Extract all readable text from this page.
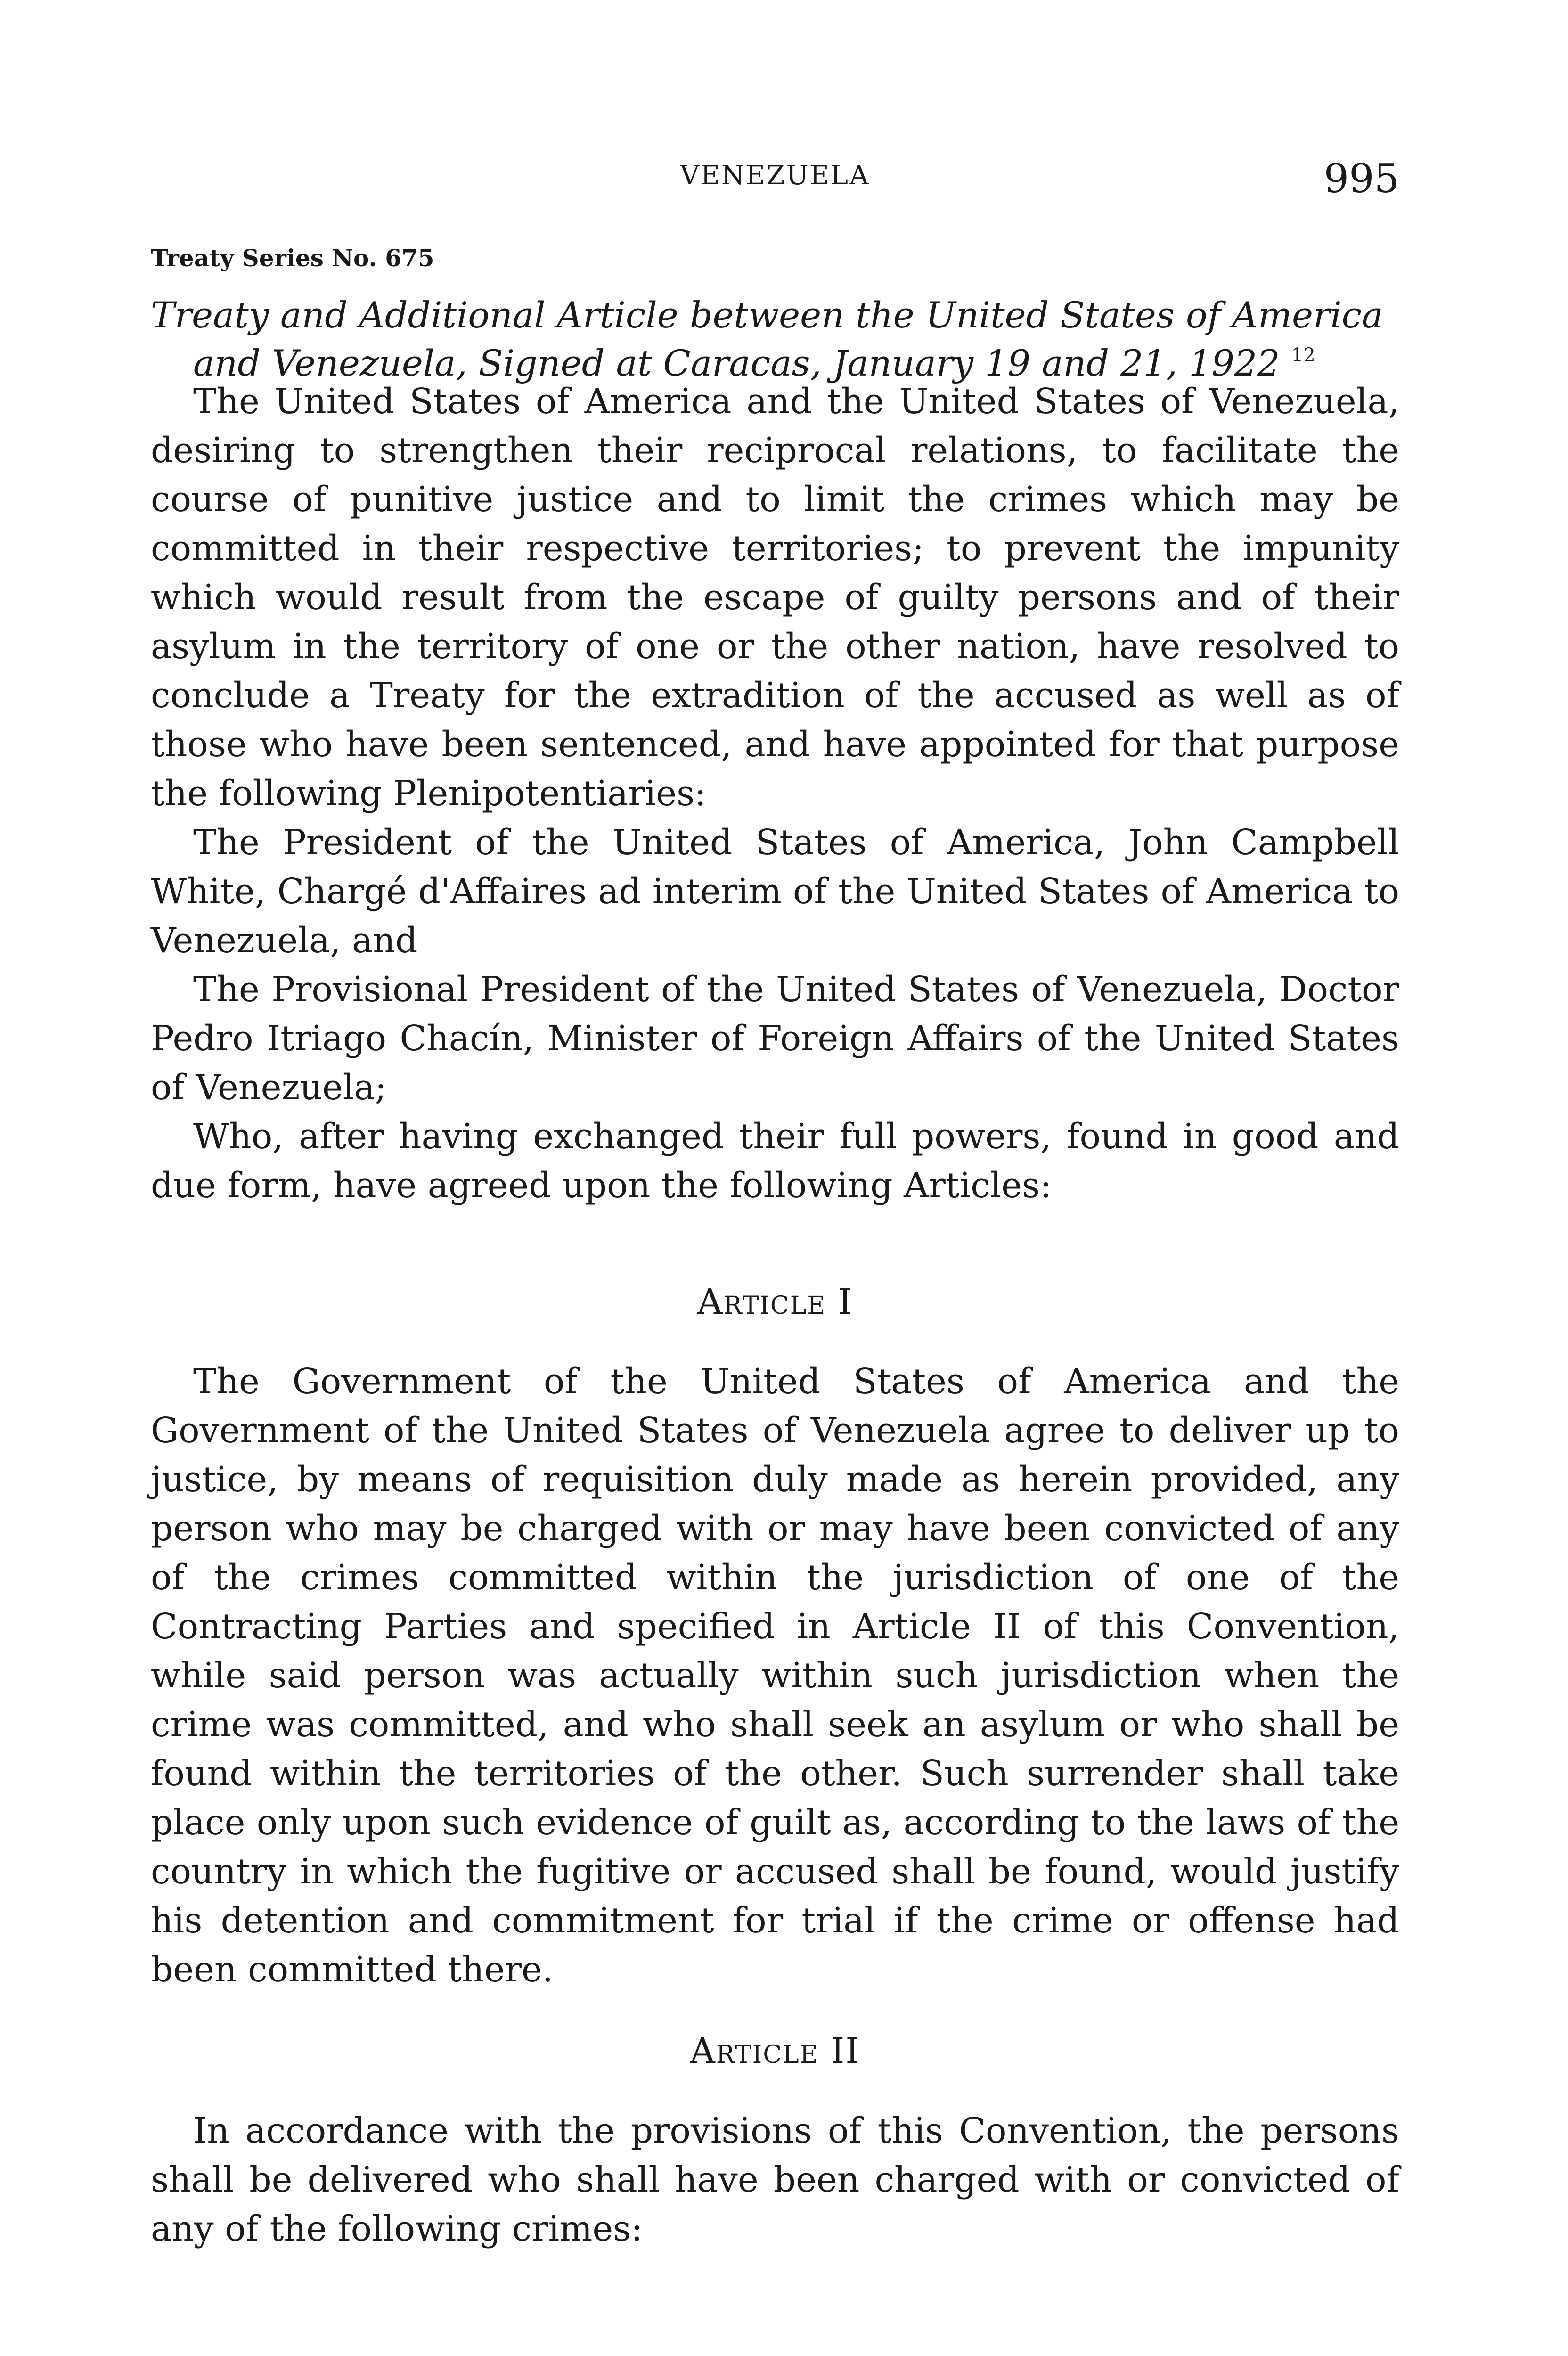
VENEZUELA	995
Treaty Series No. 675
Treaty and Additional Article between the United States of America
and Venezuela, Signed at Caracas, January 19 and 21, 1922 $^{12}$

The United States of America and the United States of Venezuela, desiring to strengthen their reciprocal relations, to facilitate the course of punitive justice and to limit the crimes which may be committed in their respective territories; to prevent the impunity which would result from the escape of guilty persons and of their asylum in the territory of one or the other nation, have resolved to conclude a Treaty for the extradition of the accused as well as of those who have been sentenced, and have appointed for that purpose the following Plenipotentiaries:

The President of the United States of America, John Campbell White, Chargé d'Affaires ad interim of the United States of America to Venezuela, and

The Provisional President of the United States of Venezuela, Doctor Pedro Itriago Chacín, Minister of Foreign Affairs of the United States of Venezuela;

Who, after having exchanged their full powers, found in good and due form, have agreed upon the following Articles:

Article I

The Government of the United States of America and the Government of the United States of Venezuela agree to deliver up to justice, by means of requisition duly made as herein provided, any person who may be charged with or may have been convicted of any of the crimes committed within the jurisdiction of one of the Contracting Parties and specified in Article II of this Convention, while said person was actually within such jurisdiction when the crime was committed, and who shall seek an asylum or who shall be found within the territories of the other. Such surrender shall take place only upon such evidence of guilt as, according to the laws of the country in which the fugitive or accused shall be found, would justify his detention and commitment for trial if the crime or offense had been committed there.

Article II

In accordance with the provisions of this Convention, the persons shall be delivered who shall have been charged with or convicted of any of the following crimes:
